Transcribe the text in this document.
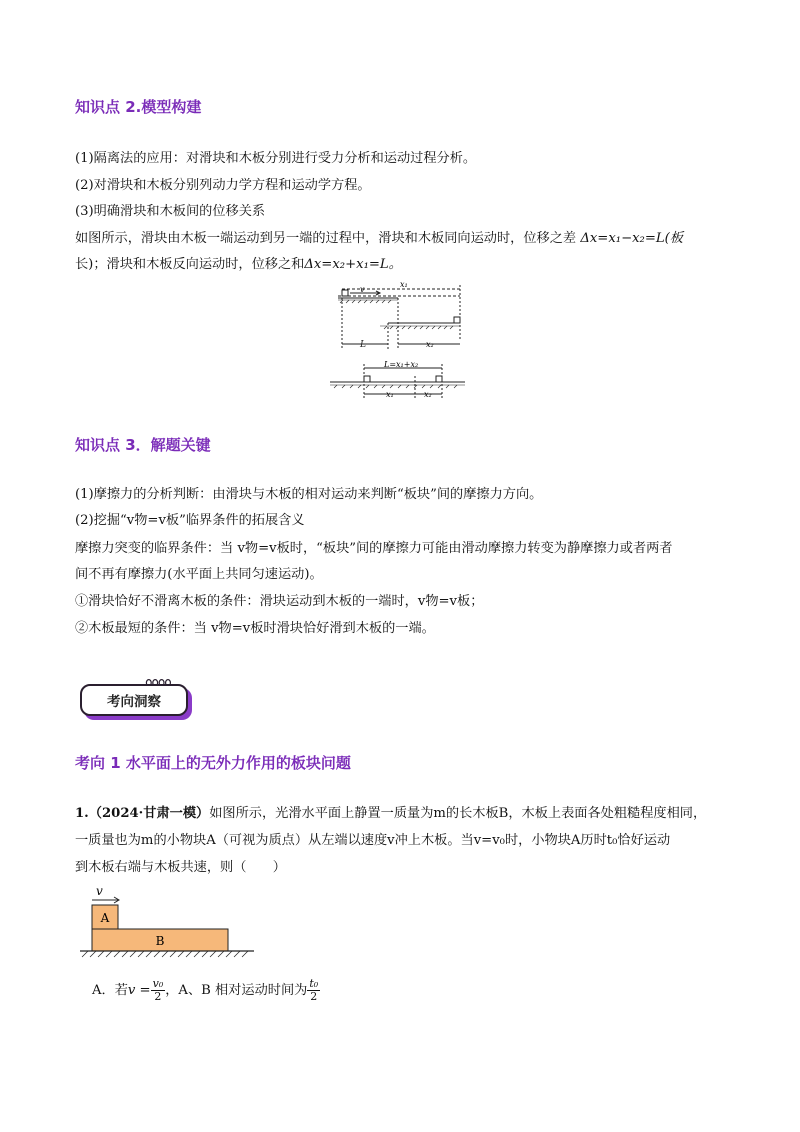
知识点 2.模型构建
(1)隔离法的应用：对滑块和木板分别进行受力分析和运动过程分析。
(2)对滑块和木板分别列动力学方程和运动学方程。
(3)明确滑块和木板间的位移关系
如图所示，滑块由木板一端运动到另一端的过程中，滑块和木板同向运动时，位移之差 Δx=x₁−x₂=L(板
长)；滑块和木板反向运动时，位移之和Δx=x₂+x₁=L。
v
x₁
L	x₂
L=x₁+x₂
x₁	x₂
知识点 3．解题关键
(1)摩擦力的分析判断：由滑块与木板的相对运动来判断“板块”间的摩擦力方向。
(2)挖掘“v物=v板”临界条件的拓展含义
摩擦力突变的临界条件：当 v物=v板时，“板块”间的摩擦力可能由滑动摩擦力转变为静摩擦力或者两者
间不再有摩擦力(水平面上共同匀速运动)。
①滑块恰好不滑离木板的条件：滑块运动到木板的一端时，v物=v板；
②木板最短的条件：当 v物=v板时滑块恰好滑到木板的一端。
考向洞察
考向 1 水平面上的无外力作用的板块问题
1.（2024·甘肃一模）如图所示，光滑水平面上静置一质量为m的长木板B，木板上表面各处粗糙程度相同，
一质量也为m的小物块A（可视为质点）从左端以速度v冲上木板。当v=v₀时，小物块A历时t₀恰好运动
到木板右端与木板共速，则（　　）
v
A
B
A．若$v = \frac{\text{v₀}}{2}$ ，A、B 相对运动时间为 $\frac{\text{t₀}}{2}$
